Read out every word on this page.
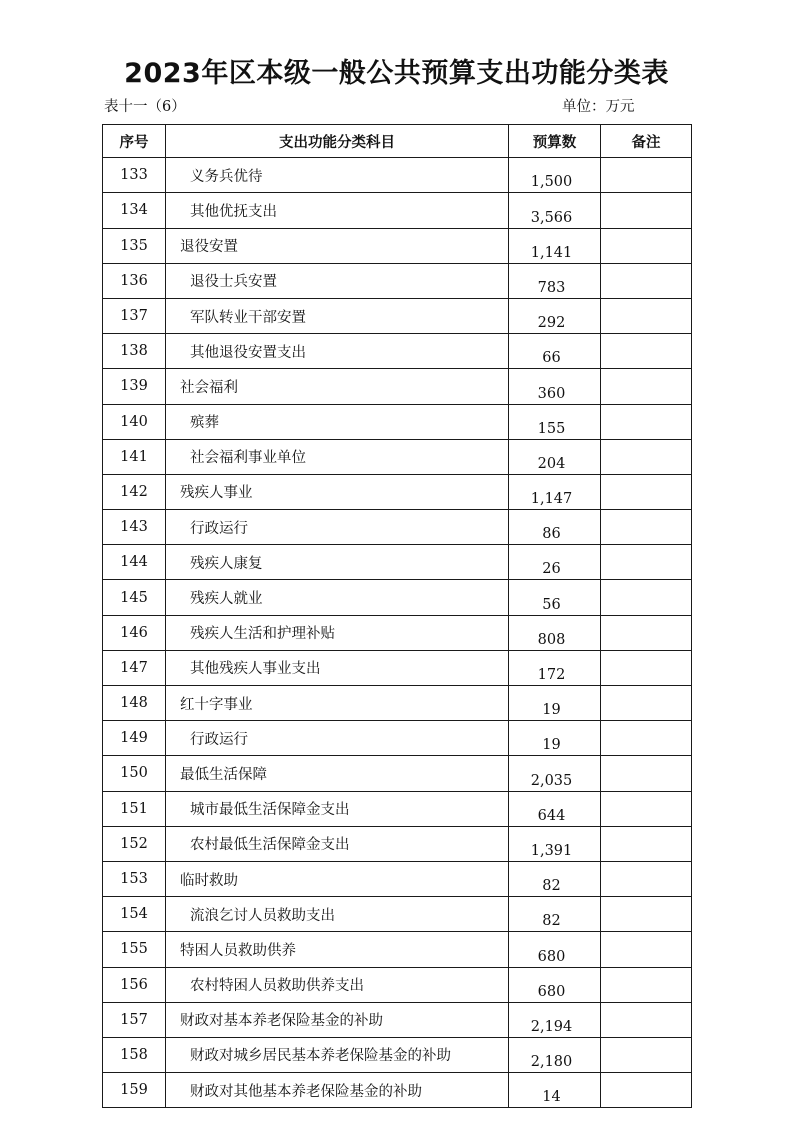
2023年区本级一般公共预算支出功能分类表
表十一（6）	单位：万元
序号	支出功能分类科目	预算数	备注
133	义务兵优待	1,500	
134	其他优抚支出	3,566	
135	退役安置	1,141	
136	退役士兵安置	783	
137	军队转业干部安置	292	
138	其他退役安置支出	66	
139	社会福利	360	
140	殡葬	155	
141	社会福利事业单位	204	
142	残疾人事业	1,147	
143	行政运行	86	
144	残疾人康复	26	
145	残疾人就业	56	
146	残疾人生活和护理补贴	808	
147	其他残疾人事业支出	172	
148	红十字事业	19	
149	行政运行	19	
150	最低生活保障	2,035	
151	城市最低生活保障金支出	644	
152	农村最低生活保障金支出	1,391	
153	临时救助	82	
154	流浪乞讨人员救助支出	82	
155	特困人员救助供养	680	
156	农村特困人员救助供养支出	680	
157	财政对基本养老保险基金的补助	2,194	
158	财政对城乡居民基本养老保险基金的补助	2,180	
159	财政对其他基本养老保险基金的补助	14	
